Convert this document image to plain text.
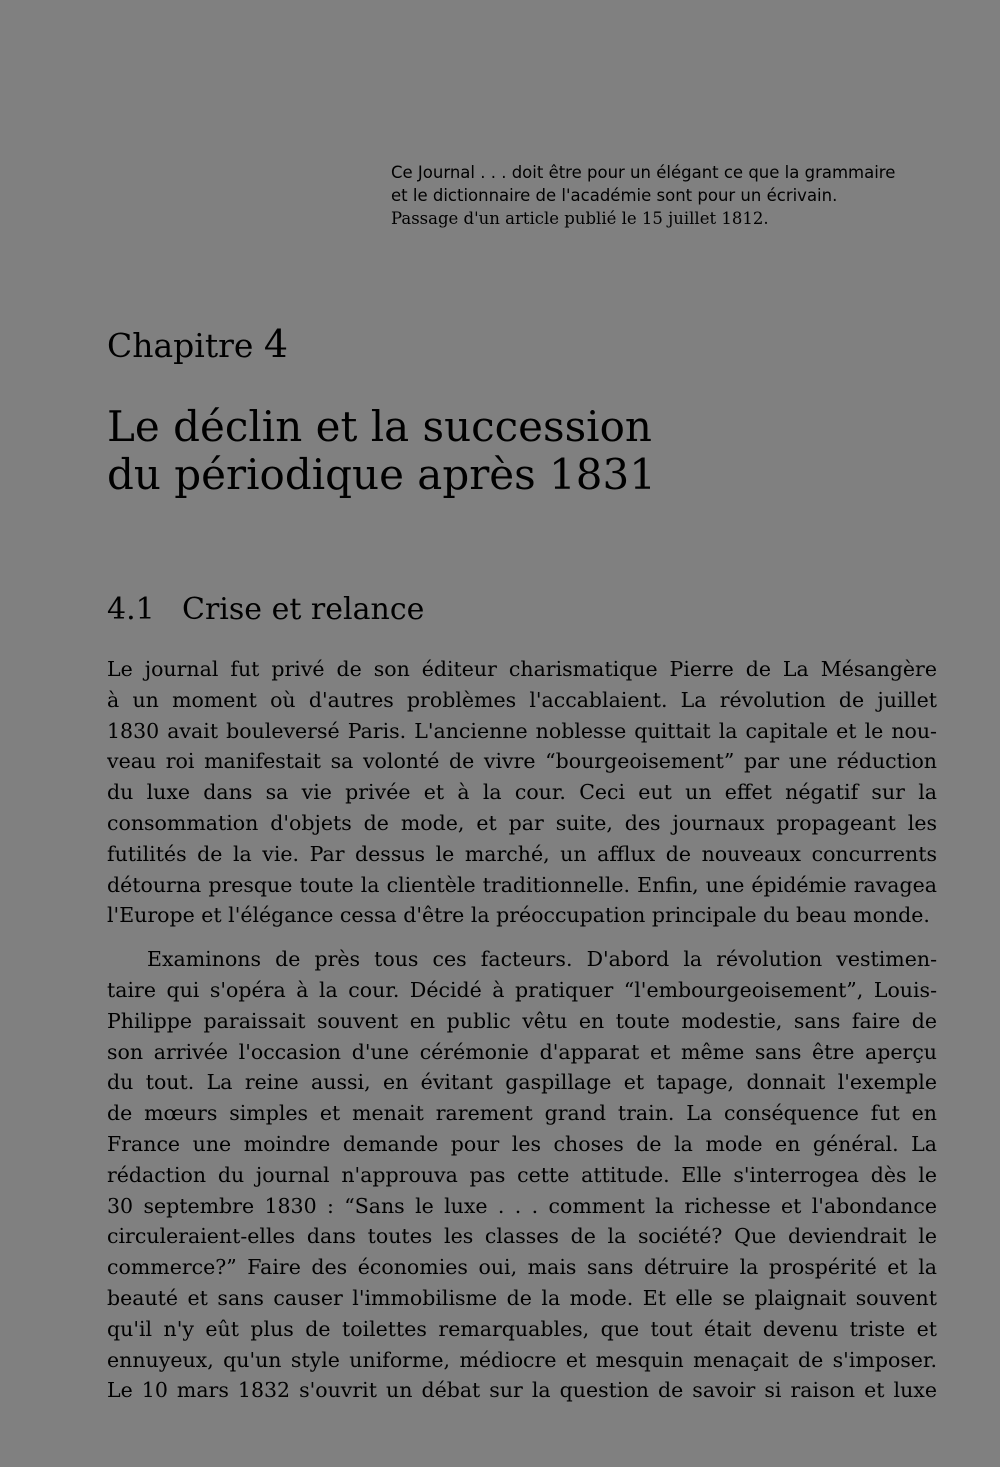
Ce Journal . . . doit être pour un élégant ce que la grammaire
et le dictionnaire de l'académie sont pour un écrivain.
Passage d'un article publié le 15 juillet 1812.
Chapitre 4
Le déclin et la succession
du périodique après 1831
4.1 Crise et relance

Le journal fut privé de son éditeur charismatique Pierre de La Mésangère
à un moment où d'autres problèmes l'accablaient. La révolution de juillet
1830 avait bouleversé Paris. L'ancienne noblesse quittait la capitale et le nou-
veau roi manifestait sa volonté de vivre “bourgeoisement” par une réduction
du luxe dans sa vie privée et à la cour. Ceci eut un effet négatif sur la
consommation d'objets de mode, et par suite, des journaux propageant les
futilités de la vie. Par dessus le marché, un afflux de nouveaux concurrents
détourna presque toute la clientèle traditionnelle. Enfin, une épidémie ravagea
l'Europe et l'élégance cessa d'être la préoccupation principale du beau monde.

Examinons de près tous ces facteurs. D'abord la révolution vestimen-
taire qui s'opéra à la cour. Décidé à pratiquer “l'embourgeoisement”, Louis-
Philippe paraissait souvent en public vêtu en toute modestie, sans faire de
son arrivée l'occasion d'une cérémonie d'apparat et même sans être aperçu
du tout. La reine aussi, en évitant gaspillage et tapage, donnait l'exemple
de mœurs simples et menait rarement grand train. La conséquence fut en
France une moindre demande pour les choses de la mode en général. La
rédaction du journal n'approuva pas cette attitude. Elle s'interrogea dès le
30 septembre 1830 : “Sans le luxe . . . comment la richesse et l'abondance
circuleraient-elles dans toutes les classes de la société? Que deviendrait le
commerce?” Faire des économies oui, mais sans détruire la prospérité et la
beauté et sans causer l'immobilisme de la mode. Et elle se plaignait souvent
qu'il n'y eût plus de toilettes remarquables, que tout était devenu triste et
ennuyeux, qu'un style uniforme, médiocre et mesquin menaçait de s'imposer.
Le 10 mars 1832 s'ouvrit un débat sur la question de savoir si raison et luxe
